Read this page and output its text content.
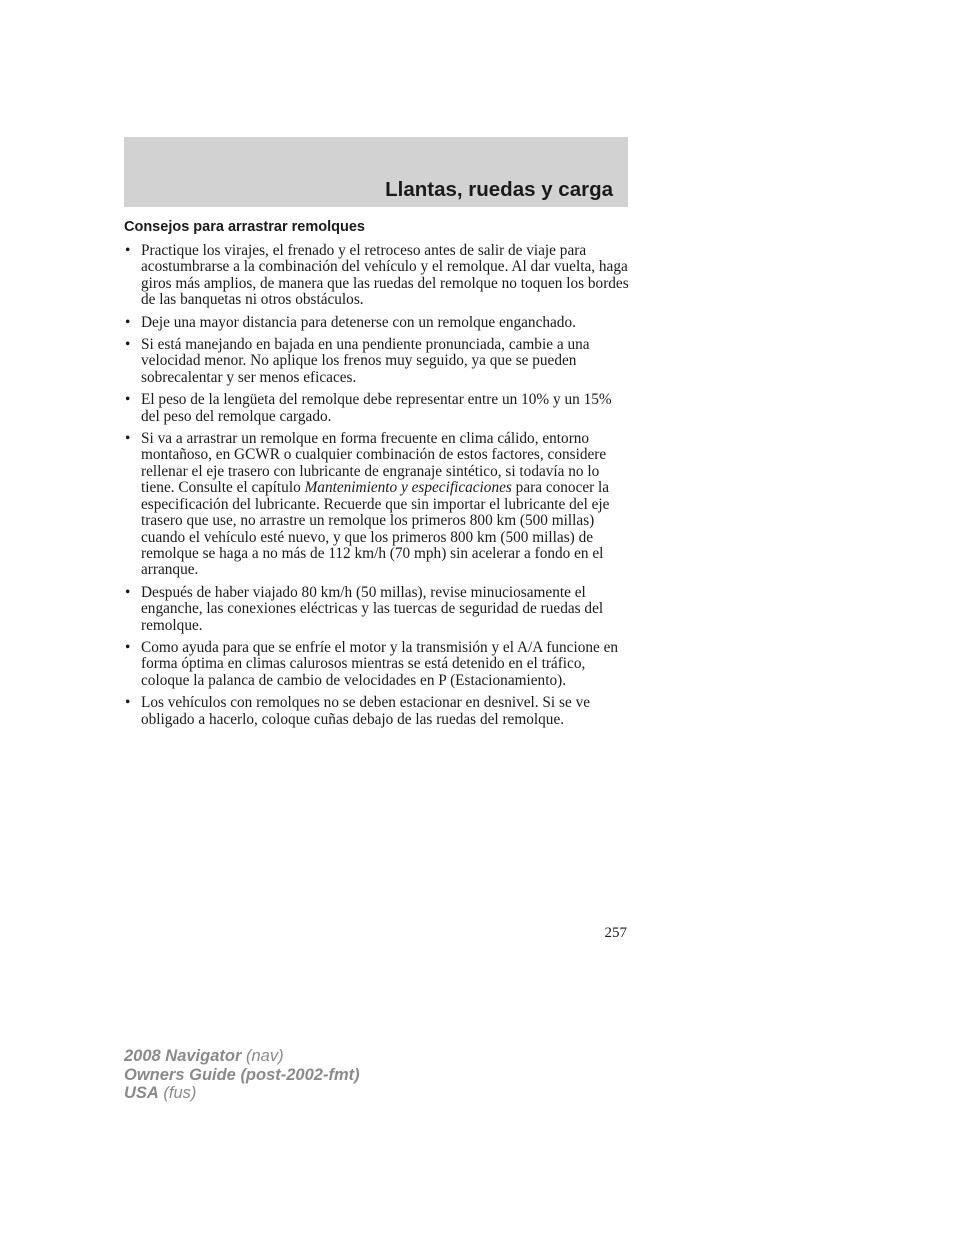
Llantas, ruedas y carga
Consejos para arrastrar remolques
• Practique los virajes, el frenado y el retroceso antes de salir de viaje para acostumbrarse a la combinación del vehículo y el remolque. Al dar vuelta, haga giros más amplios, de manera que las ruedas del remolque no toquen los bordes de las banquetas ni otros obstáculos.
• Deje una mayor distancia para detenerse con un remolque enganchado.
• Si está manejando en bajada en una pendiente pronunciada, cambie a una velocidad menor. No aplique los frenos muy seguido, ya que se pueden sobrecalentar y ser menos eficaces.
• El peso de la lengüeta del remolque debe representar entre un 10% y un 15% del peso del remolque cargado.
• Si va a arrastrar un remolque en forma frecuente en clima cálido, entorno montañoso, en GCWR o cualquier combinación de estos factores, considere rellenar el eje trasero con lubricante de engranaje sintético, si todavía no lo tiene. Consulte el capítulo Mantenimiento y especificaciones para conocer la especificación del lubricante. Recuerde que sin importar el lubricante del eje trasero que use, no arrastre un remolque los primeros 800 km (500 millas) cuando el vehículo esté nuevo, y que los primeros 800 km (500 millas) de remolque se haga a no más de 112 km/h (70 mph) sin acelerar a fondo en el arranque.
• Después de haber viajado 80 km/h (50 millas), revise minuciosamente el enganche, las conexiones eléctricas y las tuercas de seguridad de ruedas del remolque.
• Como ayuda para que se enfríe el motor y la transmisión y el A/A funcione en forma óptima en climas calurosos mientras se está detenido en el tráfico, coloque la palanca de cambio de velocidades en P (Estacionamiento).
• Los vehículos con remolques no se deben estacionar en desnivel. Si se ve obligado a hacerlo, coloque cuñas debajo de las ruedas del remolque.
257
2008 Navigator (nav)
Owners Guide (post-2002-fmt)
USA (fus)
